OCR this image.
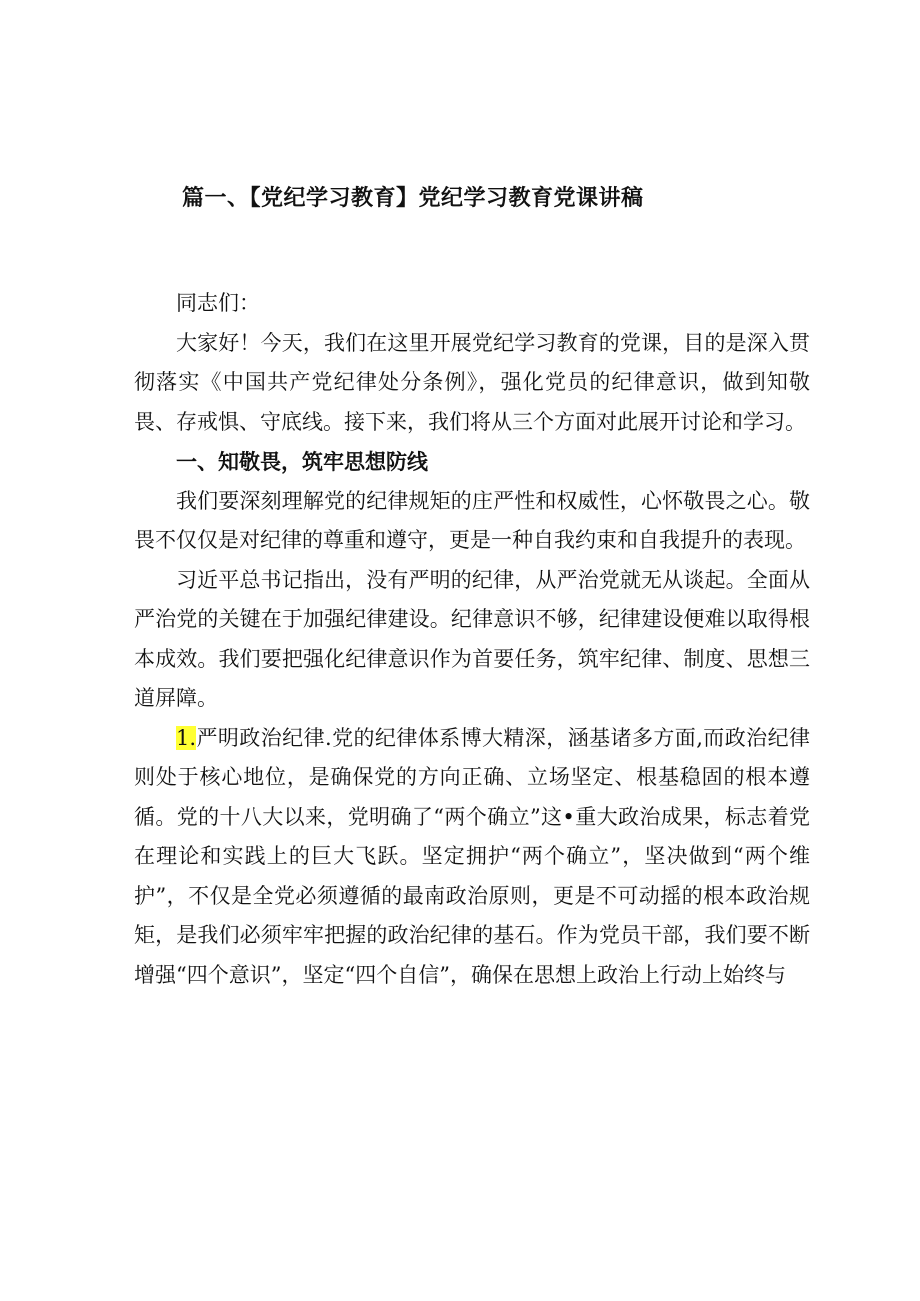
篇一、【党纪学习教育】党纪学习教育党课讲稿

同志们：

大家好！今天，我们在这里开展党纪学习教育的党课，目的是深入贯彻落实《中国共产党纪律处分条例》，强化党员的纪律意识，做到知敬畏、存戒惧、守底线。接下来，我们将从三个方面对此展开讨论和学习。

一、知敬畏，筑牢思想防线

我们要深刻理解党的纪律规矩的庄严性和权威性，心怀敬畏之心。敬畏不仅仅是对纪律的尊重和遵守，更是一种自我约束和自我提升的表现。

习近平总书记指出，没有严明的纪律，从严治党就无从谈起。全面从严治党的关键在于加强纪律建设。纪律意识不够，纪律建设便难以取得根本成效。我们要把强化纪律意识作为首要任务，筑牢纪律、制度、思想三道屏障。

1.严明政治纪律.党的纪律体系博大精深，涵基诸多方面,而政治纪律则处于核心地位，是确保党的方向正确、立场坚定、根基稳固的根本遵循。党的十八大以来，党明确了“两个确立”这•重大政治成果，标志着党在理论和实践上的巨大飞跃。坚定拥护“两个确立”，坚决做到“两个维护”，不仅是全党必须遵循的最南政治原则，更是不可动摇的根本政治规矩，是我们必须牢牢把握的政治纪律的基石。作为党员干部，我们要不断增强“四个意识”，坚定“四个自信”，确保在思想上政治上行动上始终与
